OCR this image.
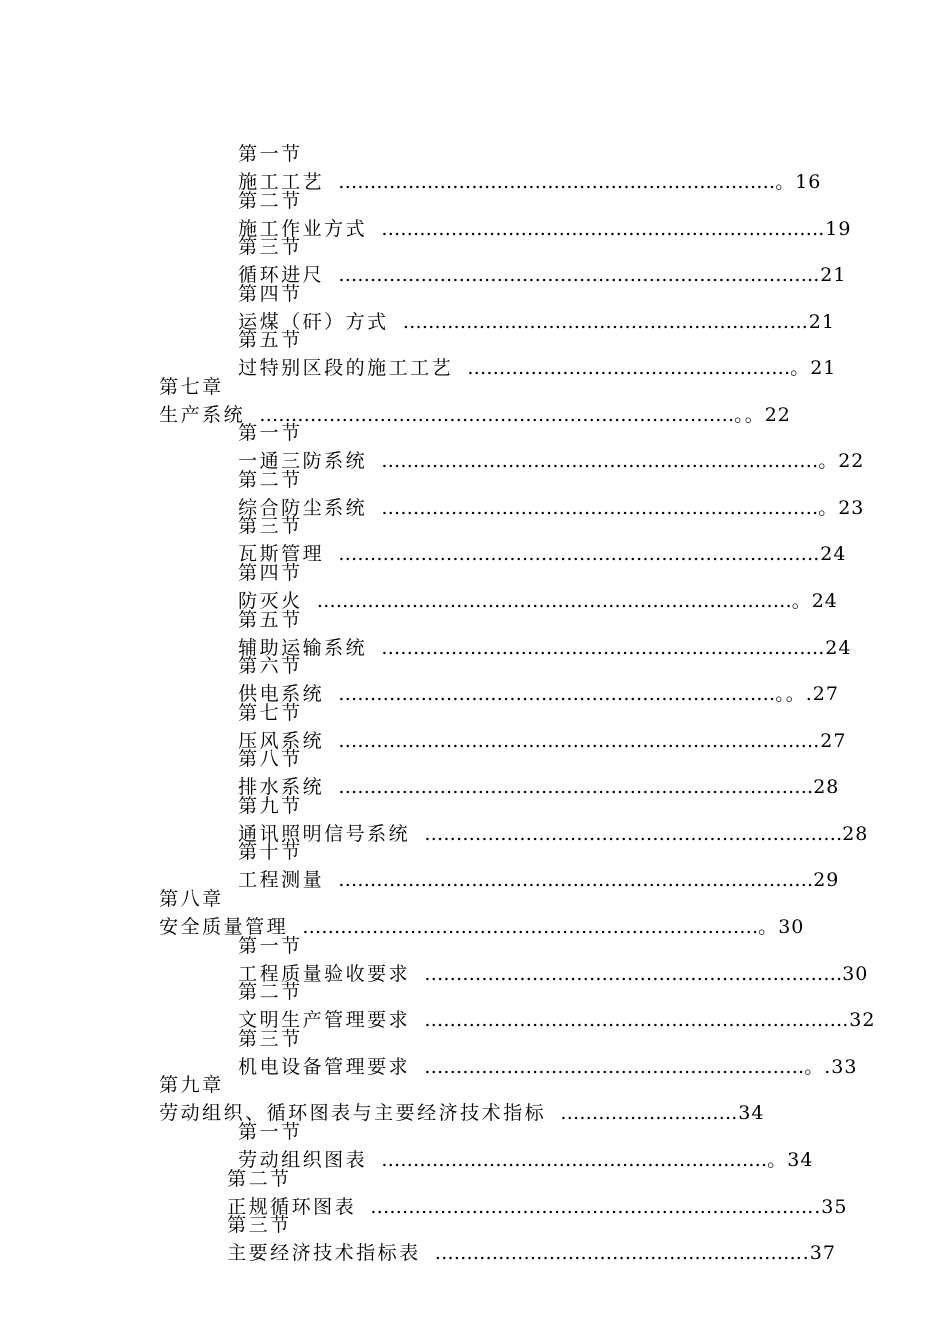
第一节
施工工艺 ……………………………………………………………。16

第二节
施工作业方式 …………………………………………………………….19

第三节
循环进尺 ………………………………………………………………….21

第四节
运煤（矸）方式 ……………………………………………………….21

第五节
过特别区段的施工工艺 ……………………………………………。21

第七章
生产系统 …………………………………………………………………。。22

第一节
一通三防系统 ……………………………………………………………。22

第二节
综合防尘系统 ……………………………………………………………。23

第三节
瓦斯管理 ………………………………………………………………….24

第四节
防灭火 …………………………………………………………………。24

第五节
辅助运输系统 …………………………………………………………….24

第六节
供电系统 ……………………………………………………………。。.27

第七节
压风系统 ………………………………………………………………….27

第八节
排水系统 …………………………………………………………………28

第九节
通讯照明信号系统 …………………………………………………………28

第十节
工程测量 …………………………………………………………………29

第八章
安全质量管理 ………………………………………………………………。30

第一节
工程质量验收要求 …………………………………………………………30

第二节
文明生产管理要求 ………………………………………………………….32

第三节
机电设备管理要求 ……………………………………………………。.33

第九章
劳动组织、循环图表与主要经济技术指标 ……………………….34

第一节
劳动组织图表 ……………………………………………….……。34

第二节
正规循环图表 ……………………………………………………………..35

第三节
主要经济技术指标表 …………………………………………………..37
